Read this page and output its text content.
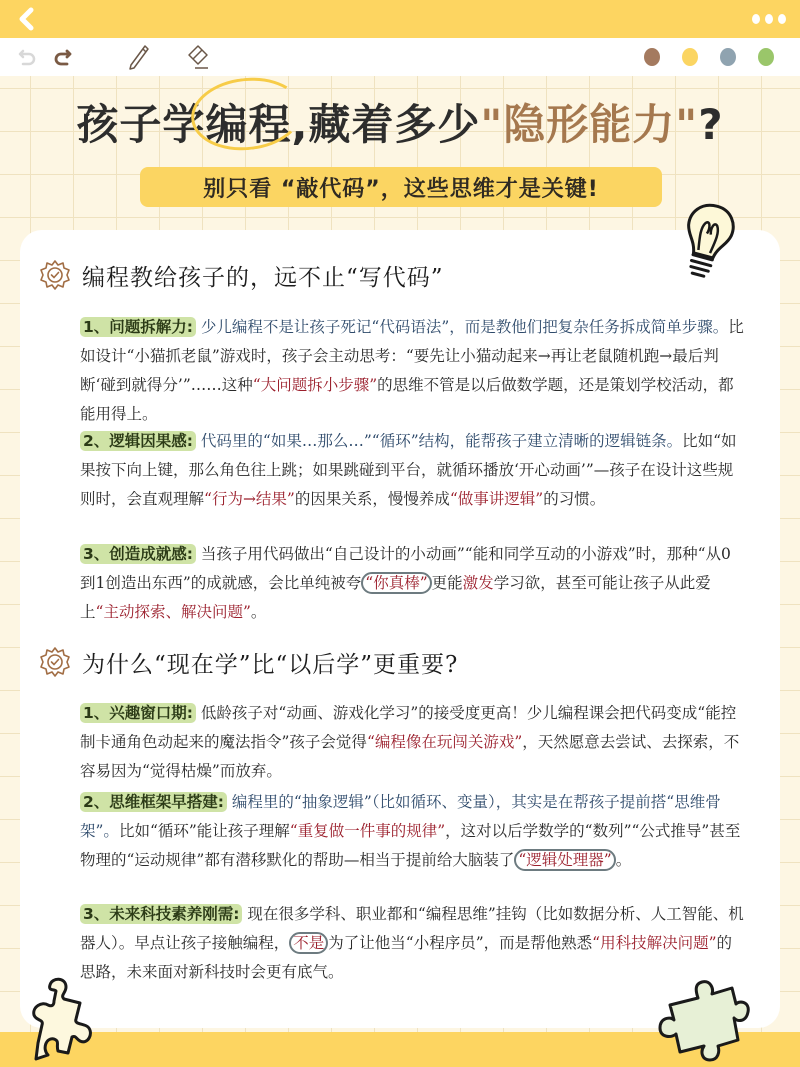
孩子学编程,藏着多少"隐形能力"?
别只看 “敲代码”，这些思维才是关键!
编程教给孩子的，远不止“写代码”
1、问题拆解力: 少儿编程不是让孩子死记“代码语法”，而是教他们把复杂任务拆成简单步骤。比如设计“小猫抓老鼠”游戏时，孩子会主动思考：“要先让小猫动起来→再让老鼠随机跑→最后判断‘碰到就得分’”……这种“大问题拆小步骤”的思维不管是以后做数学题，还是策划学校活动，都能用得上。
2、逻辑因果感: 代码里的“如果…那么…”“循环”结构，能帮孩子建立清晰的逻辑链条。比如“如果按下向上键，那么角色往上跳；如果跳碰到平台，就循环播放‘开心动画’”—孩子在设计这些规则时，会直观理解“行为→结果”的因果关系，慢慢养成“做事讲逻辑”的习惯。
3、创造成就感: 当孩子用代码做出“自己设计的小动画”“能和同学互动的小游戏”时，那种“从0到1创造出东西”的成就感，会比单纯被夸 “你真棒” 更能激发学习欲，甚至可能让孩子从此爱上“主动探索、解决问题”。
为什么“现在学”比“以后学”更重要?
1、兴趣窗口期: 低龄孩子对“动画、游戏化学习”的接受度更高！少儿编程课会把代码变成“能控制卡通角色动起来的魔法指令”孩子会觉得“编程像在玩闯关游戏”，天然愿意去尝试、去探索，不容易因为“觉得枯燥”而放弃。
2、思维框架早搭建: 编程里的“抽象逻辑”（比如循环、变量），其实是在帮孩子提前搭“思维骨架”。比如“循环”能让孩子理解“重复做一件事的规律”，这对以后学数学的“数列”“公式推导”甚至物理的“运动规律”都有潜移默化的帮助—相当于提前给大脑装了 “逻辑处理器” 。
3、未来科技素养刚需: 现在很多学科、职业都和“编程思维”挂钩（比如数据分析、人工智能、机器人）。早点让孩子接触编程， 不是 为了让他当“小程序员”，而是帮他熟悉“用科技解决问题”的思路，未来面对新科技时会更有底气。
